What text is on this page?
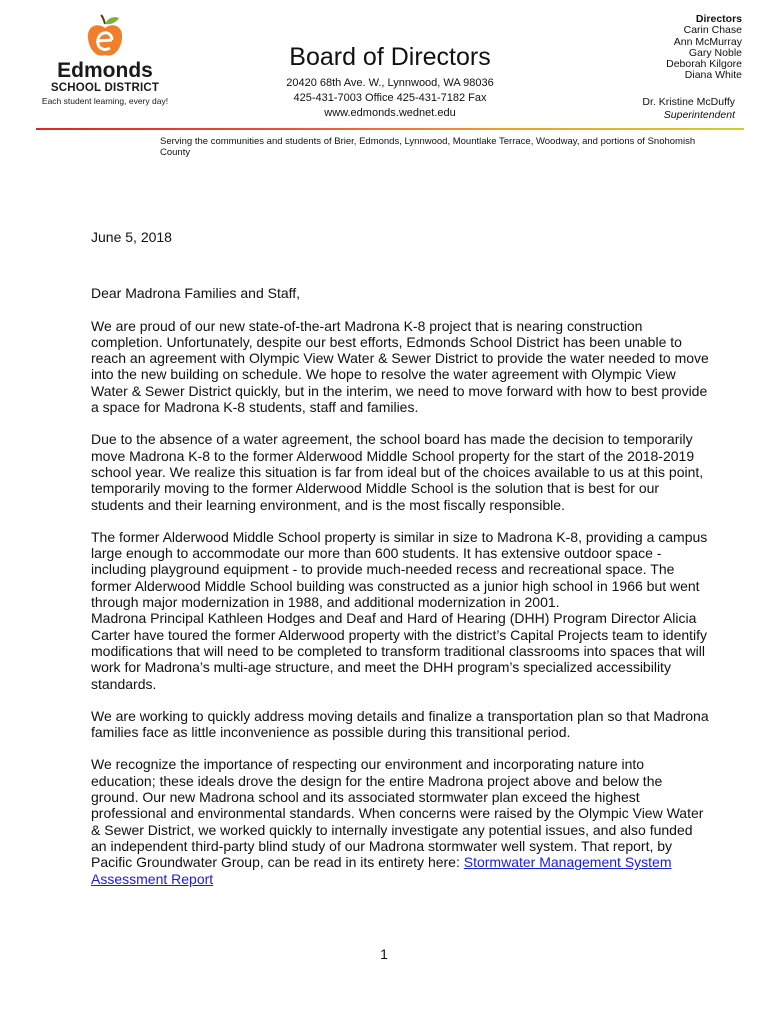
Edmonds
SCHOOL DISTRICT
Each student learning, every day!
Board of Directors
20420 68th Ave. W., Lynnwood, WA 98036
425-431-7003 Office 425-431-7182 Fax
www.edmonds.wednet.edu
Directors
Carin Chase
Ann McMurray
Gary Noble
Deborah Kilgore
Diana White
Dr. Kristine McDuffy
Superintendent
Serving the communities and students of Brier, Edmonds, Lynnwood, Mountlake Terrace, Woodway, and portions of Snohomish County

June 5, 2018

Dear Madrona Families and Staff,

We are proud of our new state-of-the-art Madrona K-8 project that is nearing construction completion. Unfortunately, despite our best efforts, Edmonds School District has been unable to reach an agreement with Olympic View Water & Sewer District to provide the water needed to move into the new building on schedule. We hope to resolve the water agreement with Olympic View Water & Sewer District quickly, but in the interim, we need to move forward with how to best provide a space for Madrona K-8 students, staff and families.

Due to the absence of a water agreement, the school board has made the decision to temporarily move Madrona K-8 to the former Alderwood Middle School property for the start of the 2018-2019 school year. We realize this situation is far from ideal but of the choices available to us at this point, temporarily moving to the former Alderwood Middle School is the solution that is best for our students and their learning environment, and is the most fiscally responsible.

The former Alderwood Middle School property is similar in size to Madrona K-8, providing a campus large enough to accommodate our more than 600 students. It has extensive outdoor space - including playground equipment - to provide much-needed recess and recreational space. The former Alderwood Middle School building was constructed as a junior high school in 1966 but went through major modernization in 1988, and additional modernization in 2001.

Madrona Principal Kathleen Hodges and Deaf and Hard of Hearing (DHH) Program Director Alicia Carter have toured the former Alderwood property with the district’s Capital Projects team to identify modifications that will need to be completed to transform traditional classrooms into spaces that will work for Madrona’s multi-age structure, and meet the DHH program’s specialized accessibility standards.

We are working to quickly address moving details and finalize a transportation plan so that Madrona families face as little inconvenience as possible during this transitional period.

We recognize the importance of respecting our environment and incorporating nature into education; these ideals drove the design for the entire Madrona project above and below the ground. Our new Madrona school and its associated stormwater plan exceed the highest professional and environmental standards. When concerns were raised by the Olympic View Water & Sewer District, we worked quickly to internally investigate any potential issues, and also funded an independent third-party blind study of our Madrona stormwater well system. That report, by Pacific Groundwater Group, can be read in its entirety here: Stormwater Management System Assessment Report

1
